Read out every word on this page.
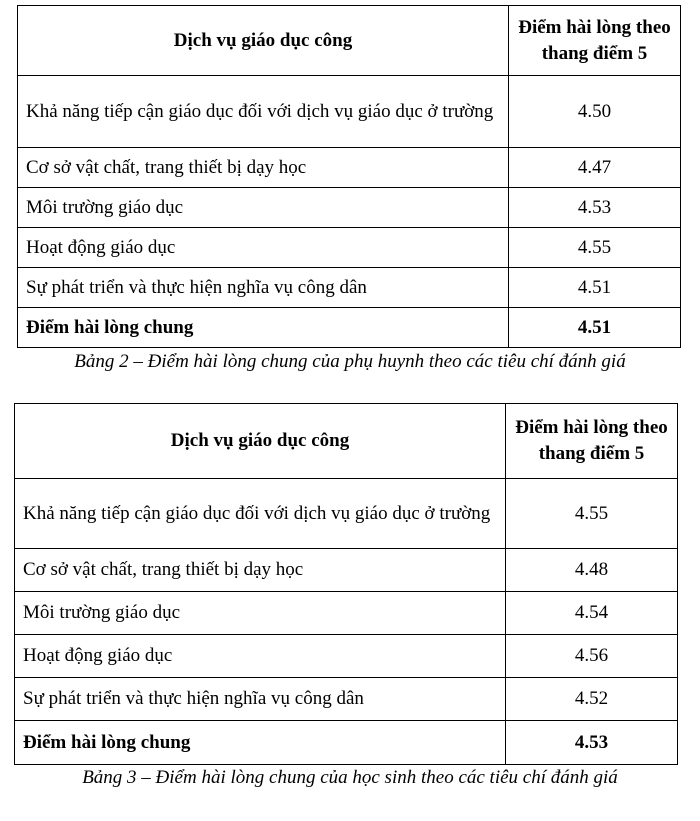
Dịch vụ giáo dục công	Điểm hài lòng theo thang điểm 5
Khả năng tiếp cận giáo dục đối với dịch vụ giáo dục ở trường	4.50
Cơ sở vật chất, trang thiết bị dạy học	4.47
Môi trường giáo dục	4.53
Hoạt động giáo dục	4.55
Sự phát triển và thực hiện nghĩa vụ công dân	4.51
Điểm hài lòng chung	4.51
Bảng 2 – Điểm hài lòng chung của phụ huynh theo các tiêu chí đánh giá
Dịch vụ giáo dục công	Điểm hài lòng theo thang điểm 5
Khả năng tiếp cận giáo dục đối với dịch vụ giáo dục ở trường	4.55
Cơ sở vật chất, trang thiết bị dạy học	4.48
Môi trường giáo dục	4.54
Hoạt động giáo dục	4.56
Sự phát triển và thực hiện nghĩa vụ công dân	4.52
Điểm hài lòng chung	4.53
Bảng 3 – Điểm hài lòng chung của học sinh theo các tiêu chí đánh giá
